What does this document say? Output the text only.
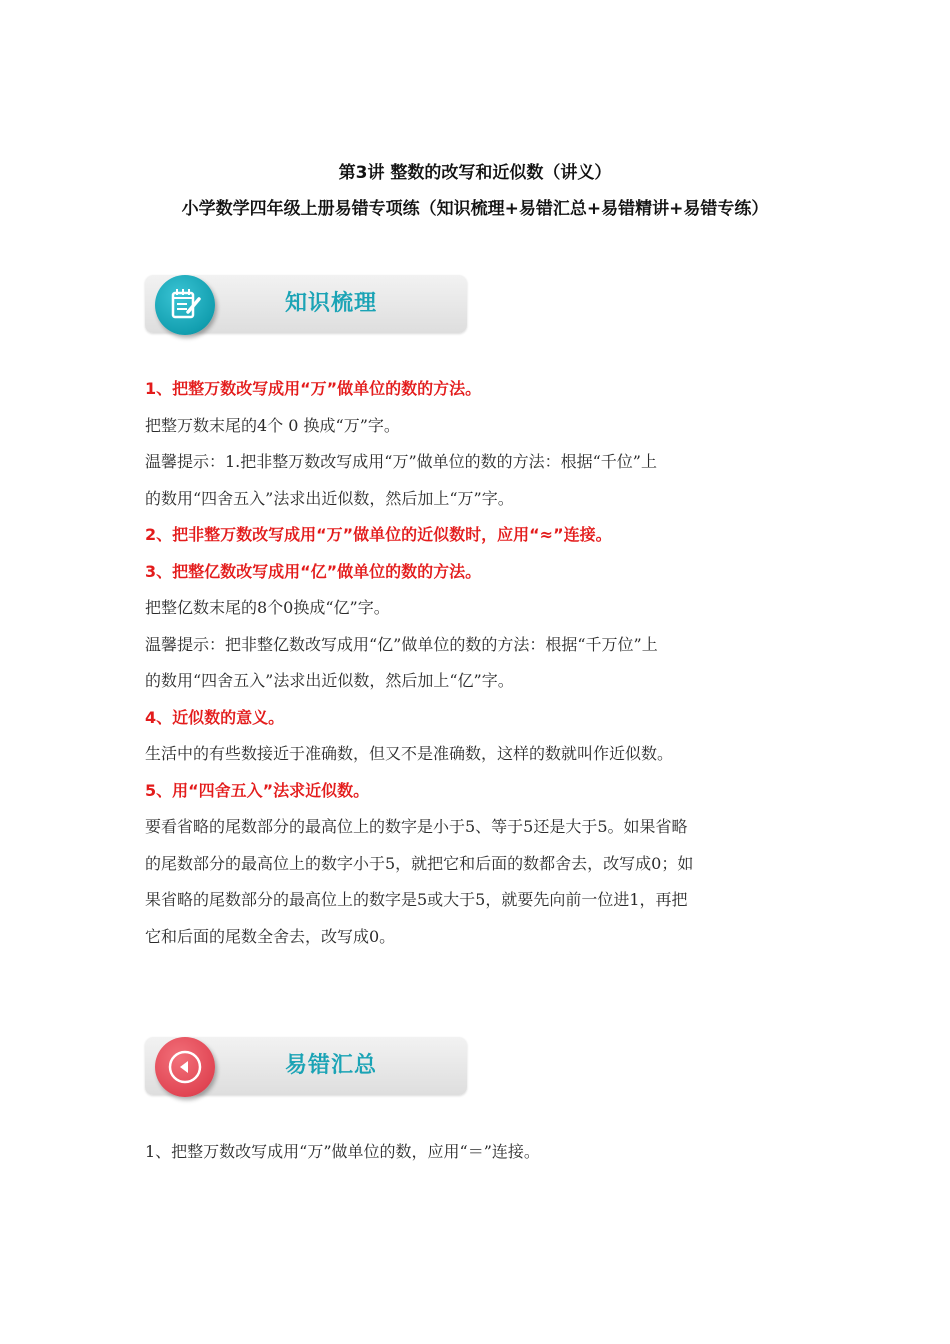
第3讲 整数的改写和近似数（讲义）
小学数学四年级上册易错专项练（知识梳理+易错汇总+易错精讲+易错专练）
知识梳理
1、把整万数改写成用“万”做单位的数的方法。
把整万数末尾的4个 0 换成“万”字。
温馨提示：1.把非整万数改写成用“万”做单位的数的方法：根据“千位”上
的数用“四舍五入”法求出近似数，然后加上“万”字。
2、把非整万数改写成用“万”做单位的近似数时，应用“≈”连接。
3、把整亿数改写成用“亿”做单位的数的方法。
把整亿数末尾的8个0换成“亿”字。
温馨提示：把非整亿数改写成用“亿”做单位的数的方法：根据“千万位”上
的数用“四舍五入”法求出近似数，然后加上“亿”字。
4、近似数的意义。
生活中的有些数接近于准确数，但又不是准确数，这样的数就叫作近似数。
5、用“四舍五入”法求近似数。
要看省略的尾数部分的最高位上的数字是小于5、等于5还是大于5。如果省略
的尾数部分的最高位上的数字小于5，就把它和后面的数都舍去，改写成0；如
果省略的尾数部分的最高位上的数字是5或大于5，就要先向前一位进1，再把
它和后面的尾数全舍去，改写成0。
易错汇总
1、把整万数改写成用“万”做单位的数，应用“＝”连接。
